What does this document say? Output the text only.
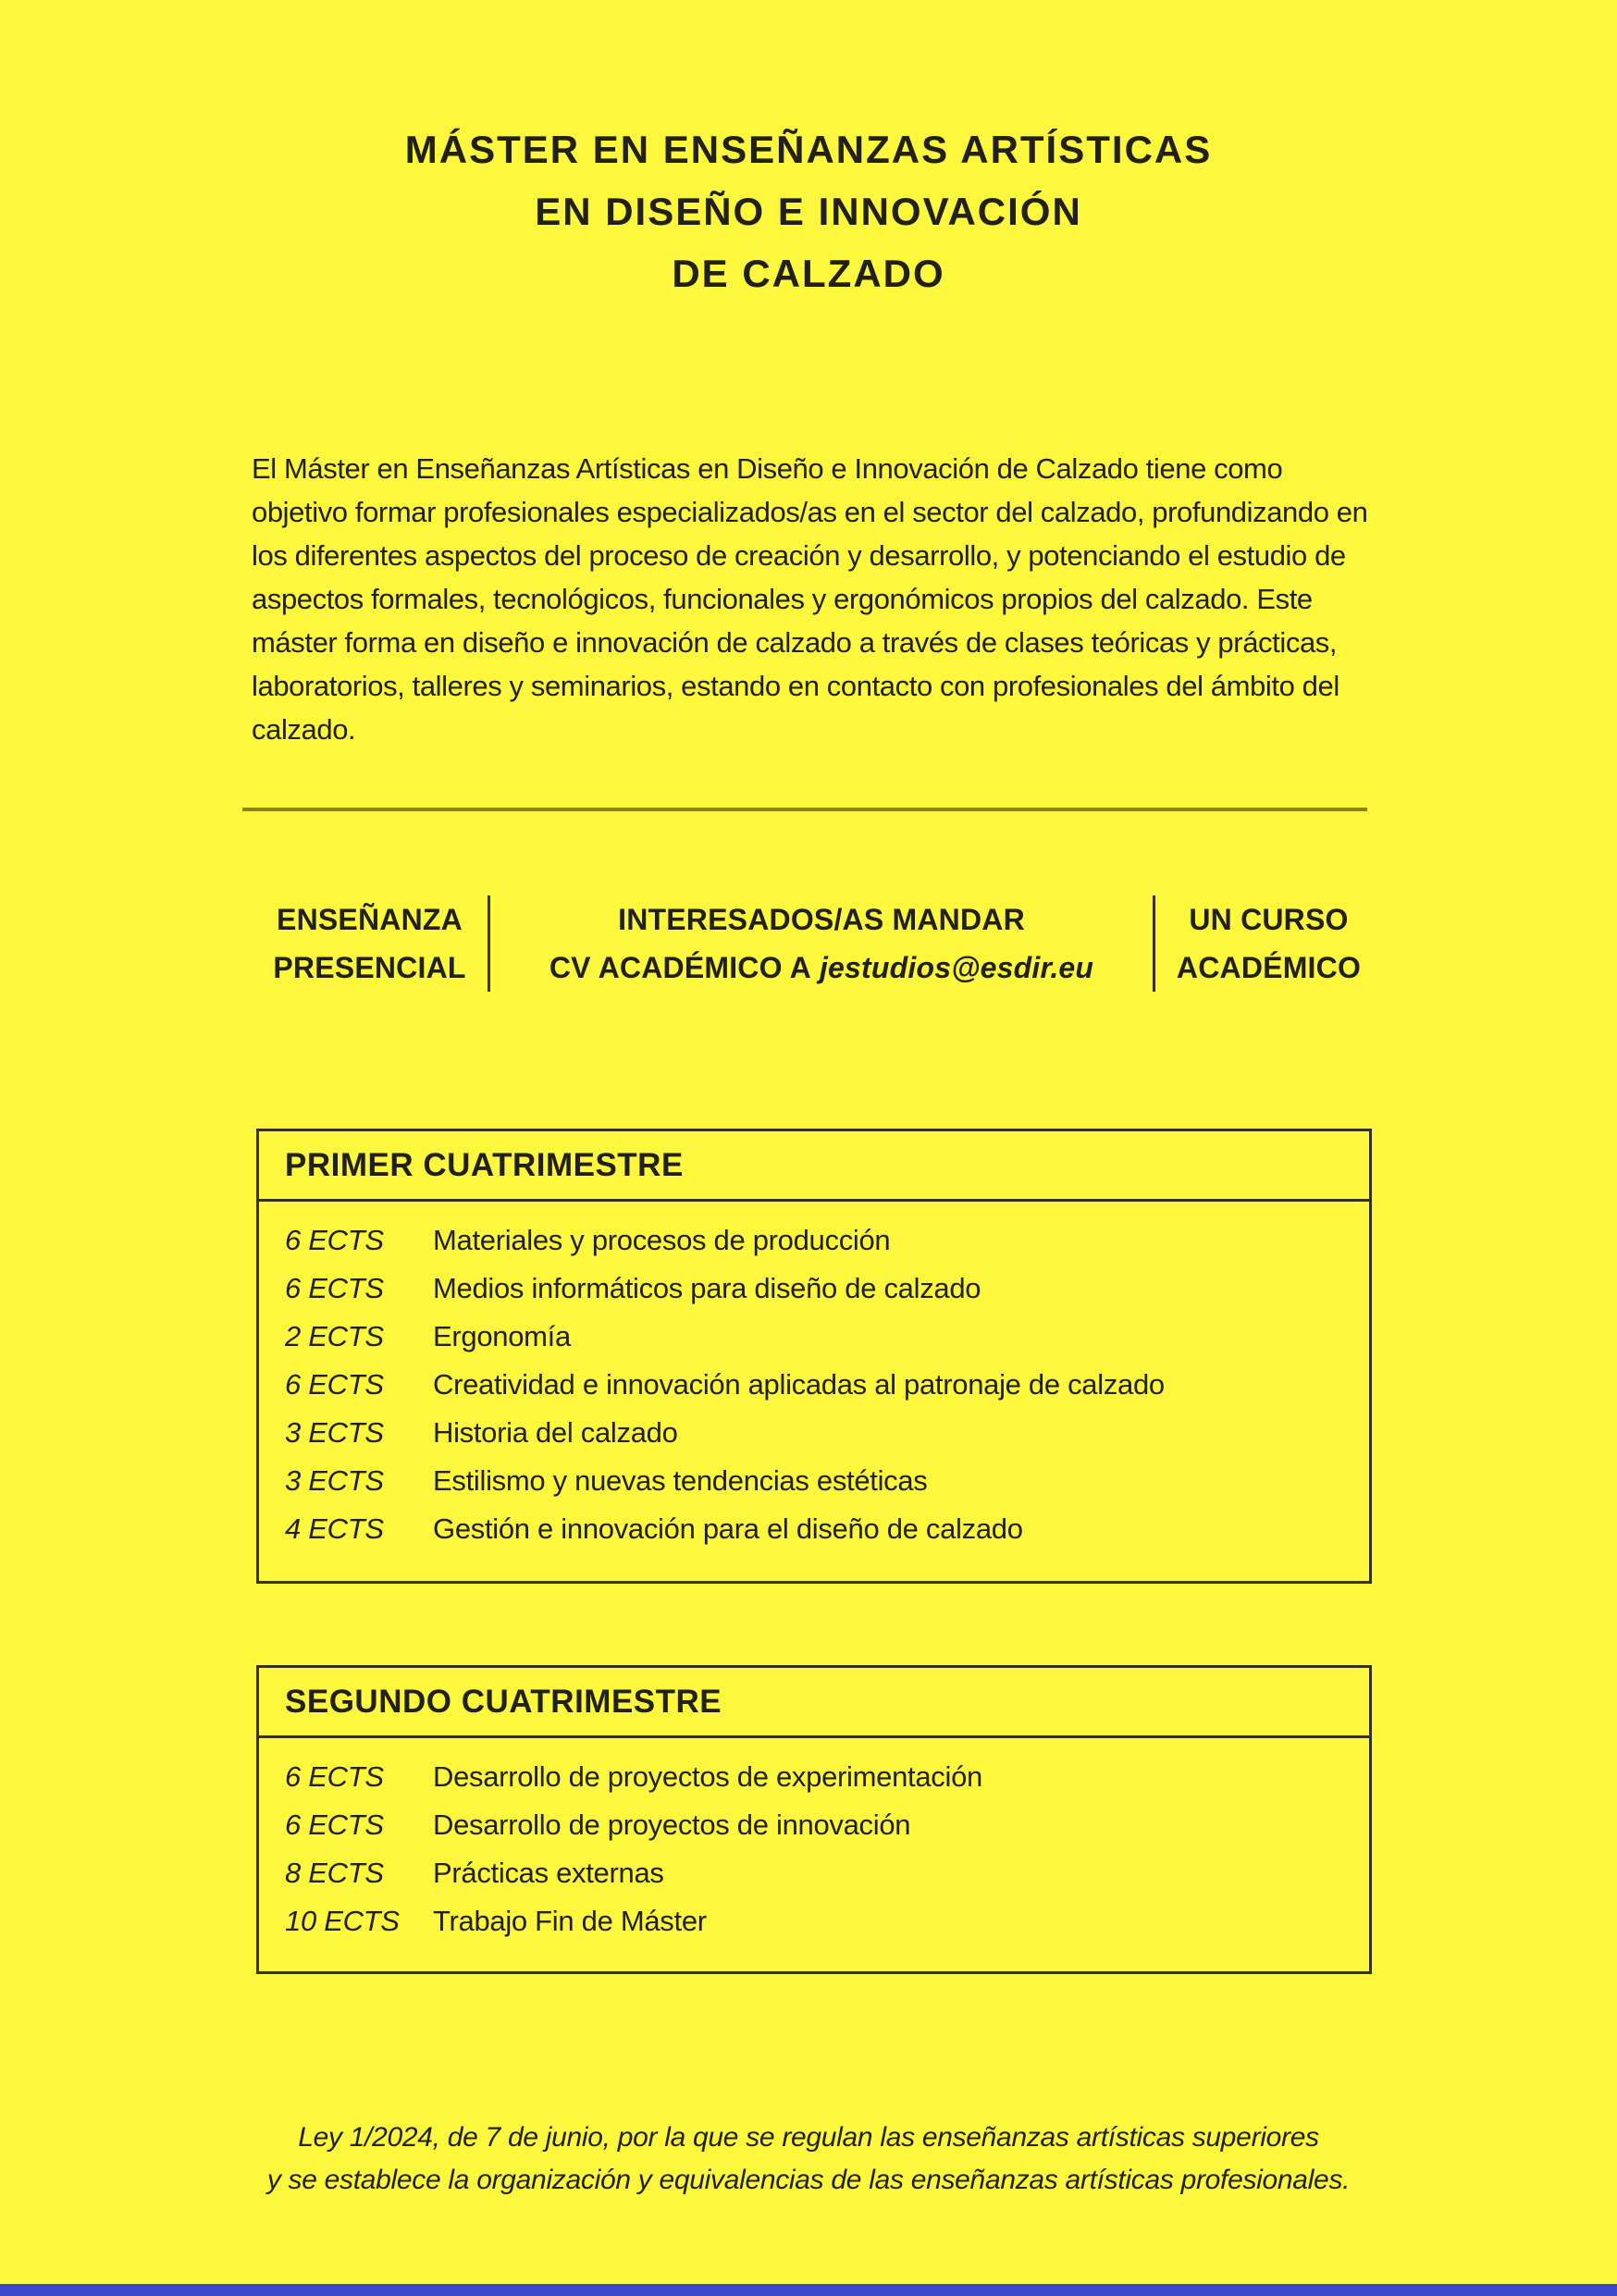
MÁSTER EN ENSEÑANZAS ARTÍSTICAS
EN DISEÑO E INNOVACIÓN
DE CALZADO

El Máster en Enseñanzas Artísticas en Diseño e Innovación de Calzado tiene como objetivo formar profesionales especializados/as en el sector del calzado, profundizando en los diferentes aspectos del proceso de creación y desarrollo, y potenciando el estudio de aspectos formales, tecnológicos, funcionales y ergonómicos propios del calzado. Este máster forma en diseño e innovación de calzado a través de clases teóricas y prácticas, laboratorios, talleres y seminarios, estando en contacto con profesionales del ámbito del calzado.

ENSEÑANZA
PRESENCIAL
INTERESADOS/AS MANDAR
CV ACADÉMICO A jestudios@esdir.eu
UN CURSO
ACADÉMICO
PRIMER CUATRIMESTRE
6 ECTS	Materiales y procesos de producción
6 ECTS	Medios informáticos para diseño de calzado
2 ECTS	Ergonomía
6 ECTS	Creatividad e innovación aplicadas al patronaje de calzado
3 ECTS	Historia del calzado
3 ECTS	Estilismo y nuevas tendencias estéticas
4 ECTS	Gestión e innovación para el diseño de calzado
SEGUNDO CUATRIMESTRE
6 ECTS	Desarrollo de proyectos de experimentación
6 ECTS	Desarrollo de proyectos de innovación
8 ECTS	Prácticas externas
10 ECTS	Trabajo Fin de Máster
Ley 1/2024, de 7 de junio, por la que se regulan las enseñanzas artísticas superiores
y se establece la organización y equivalencias de las enseñanzas artísticas profesionales.
